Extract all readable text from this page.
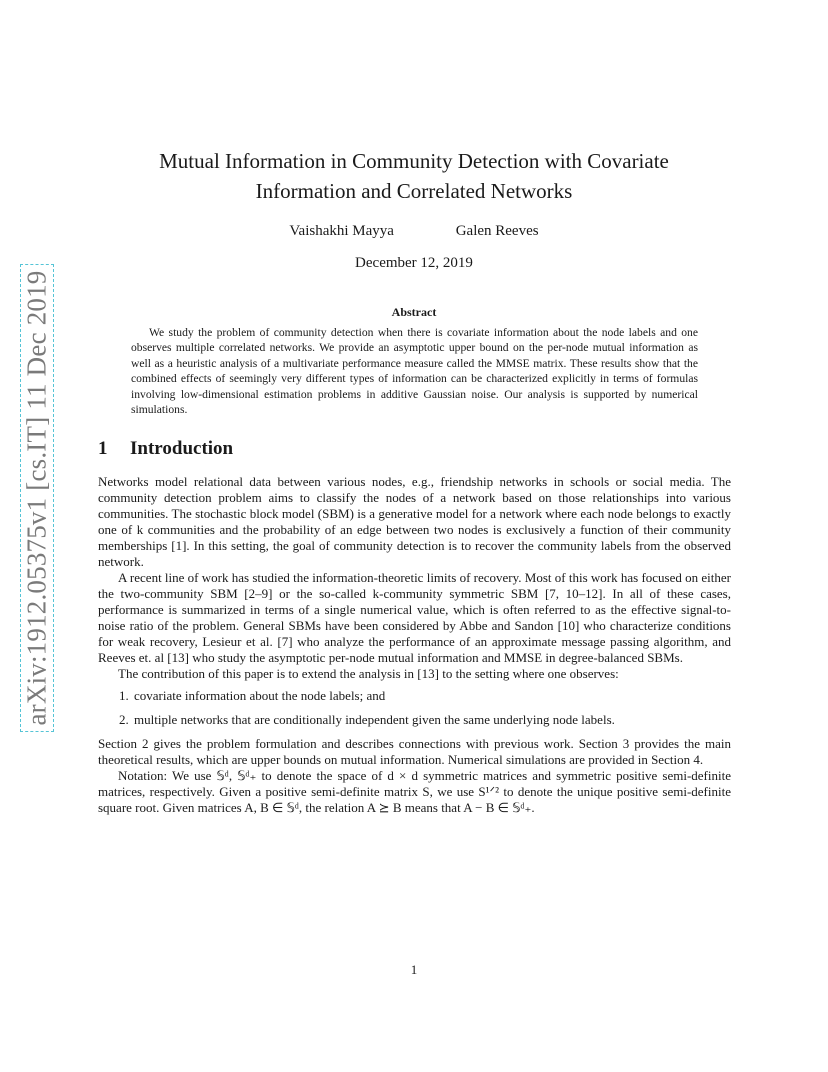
arXiv:1912.05375v1 [cs.IT] 11 Dec 2019
Mutual Information in Community Detection with Covariate
Information and Correlated Networks
Vaishakhi Mayya	Galen Reeves
December 12, 2019
Abstract

We study the problem of community detection when there is covariate information about the node labels and one observes multiple correlated networks. We provide an asymptotic upper bound on the per-node mutual information as well as a heuristic analysis of a multivariate performance measure called the MMSE matrix. These results show that the combined effects of seemingly very different types of information can be characterized explicitly in terms of formulas involving low-dimensional estimation problems in additive Gaussian noise. Our analysis is supported by numerical simulations.

1 Introduction

Networks model relational data between various nodes, e.g., friendship networks in schools or social media. The community detection problem aims to classify the nodes of a network based on those relationships into various communities. The stochastic block model (SBM) is a generative model for a network where each node belongs to exactly one of k communities and the probability of an edge between two nodes is exclusively a function of their community memberships [1]. In this setting, the goal of community detection is to recover the community labels from the observed network.

A recent line of work has studied the information-theoretic limits of recovery. Most of this work has focused on either the two-community SBM [2–9] or the so-called k-community symmetric SBM [7, 10–12]. In all of these cases, performance is summarized in terms of a single numerical value, which is often referred to as the effective signal-to-noise ratio of the problem. General SBMs have been considered by Abbe and Sandon [10] who characterize conditions for weak recovery, Lesieur et al. [7] who analyze the performance of an approximate message passing algorithm, and Reeves et. al [13] who study the asymptotic per-node mutual information and MMSE in degree-balanced SBMs.

The contribution of this paper is to extend the analysis in [13] to the setting where one observes:

1. covariate information about the node labels; and
2. multiple networks that are conditionally independent given the same underlying node labels.

Section 2 gives the problem formulation and describes connections with previous work. Section 3 provides the main theoretical results, which are upper bounds on mutual information. Numerical simulations are provided in Section 4.

Notation: We use 𝕊ᵈ, 𝕊ᵈ₊ to denote the space of d × d symmetric matrices and symmetric positive semi-definite matrices, respectively. Given a positive semi-definite matrix S, we use S¹ᐟ² to denote the unique positive semi-definite square root. Given matrices A, B ∈ 𝕊ᵈ, the relation A ⪰ B means that A − B ∈ 𝕊ᵈ₊.

1
